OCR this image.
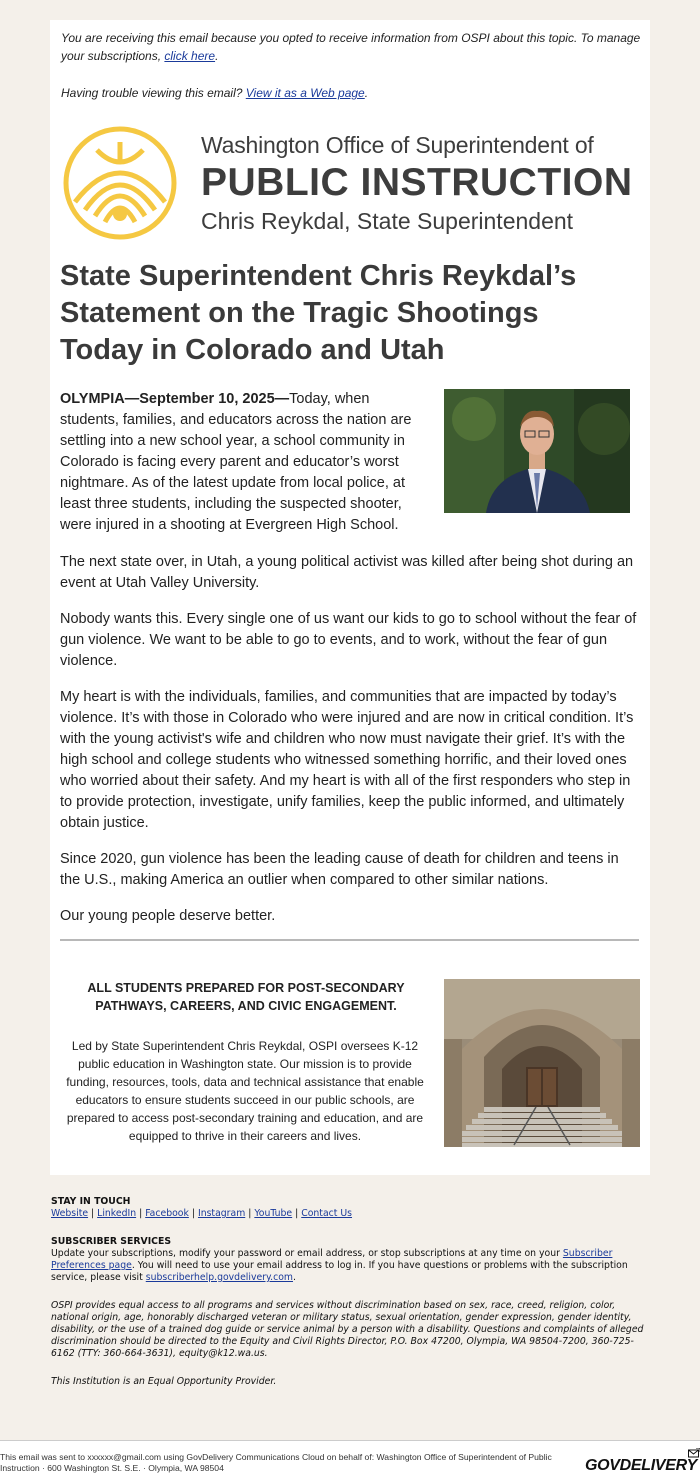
You are receiving this email because you opted to receive information from OSPI about this topic. To manage your subscriptions, click here.

Having trouble viewing this email? View it as a Web page.

Washington Office of Superintendent of
PUBLIC INSTRUCTION
Chris Reykdal, State Superintendent
State Superintendent Chris Reykdal’s Statement on the Tragic Shootings Today in Colorado and Utah

OLYMPIA—September 10, 2025—Today, when students, families, and educators across the nation are settling into a new school year, a school community in Colorado is facing every parent and educator’s worst nightmare. As of the latest update from local police, at least three students, including the suspected shooter, were injured in a shooting at Evergreen High School.

The next state over, in Utah, a young political activist was killed after being shot during an event at Utah Valley University.

Nobody wants this. Every single one of us want our kids to go to school without the fear of gun violence. We want to be able to go to events, and to work, without the fear of gun violence.

My heart is with the individuals, families, and communities that are impacted by today’s violence. It’s with those in Colorado who were injured and are now in critical condition. It’s with the young activist's wife and children who now must navigate their grief. It’s with the high school and college students who witnessed something horrific, and their loved ones who worried about their safety. And my heart is with all of the first responders who step in to provide protection, investigate, unify families, keep the public informed, and ultimately obtain justice.

Since 2020, gun violence has been the leading cause of death for children and teens in the U.S., making America an outlier when compared to other similar nations.

Our young people deserve better.

ALL STUDENTS PREPARED FOR POST-SECONDARY PATHWAYS, CAREERS, AND CIVIC ENGAGEMENT.
Led by State Superintendent Chris Reykdal, OSPI oversees K-12 public education in Washington state. Our mission is to provide funding, resources, tools, data and technical assistance that enable educators to ensure students succeed in our public schools, are prepared to access post-secondary training and education, and are equipped to thrive in their careers and lives.
STAY IN TOUCH
Website | LinkedIn | Facebook | Instagram | YouTube | Contact Us
SUBSCRIBER SERVICES
Update your subscriptions, modify your password or email address, or stop subscriptions at any time on your Subscriber Preferences page. You will need to use your email address to log in. If you have questions or problems with the subscription service, please visit subscriberhelp.govdelivery.com.
OSPI provides equal access to all programs and services without discrimination based on sex, race, creed, religion, color, national origin, age, honorably discharged veteran or military status, sexual orientation, gender expression, gender identity, disability, or the use of a trained dog guide or service animal by a person with a disability. Questions and complaints of alleged discrimination should be directed to the Equity and Civil Rights Director, P.O. Box 47200, Olympia, WA 98504-7200, 360-725-6162 (TTY: 360-664-3631), equity@k12.wa.us.
This Institution is an Equal Opportunity Provider.
This email was sent to xxxxxx@gmail.com using GovDelivery Communications Cloud on behalf of: Washington Office of Superintendent of Public Instruction · 600 Washington St. S.E. · Olympia, WA 98504	GOVDELIVERY
